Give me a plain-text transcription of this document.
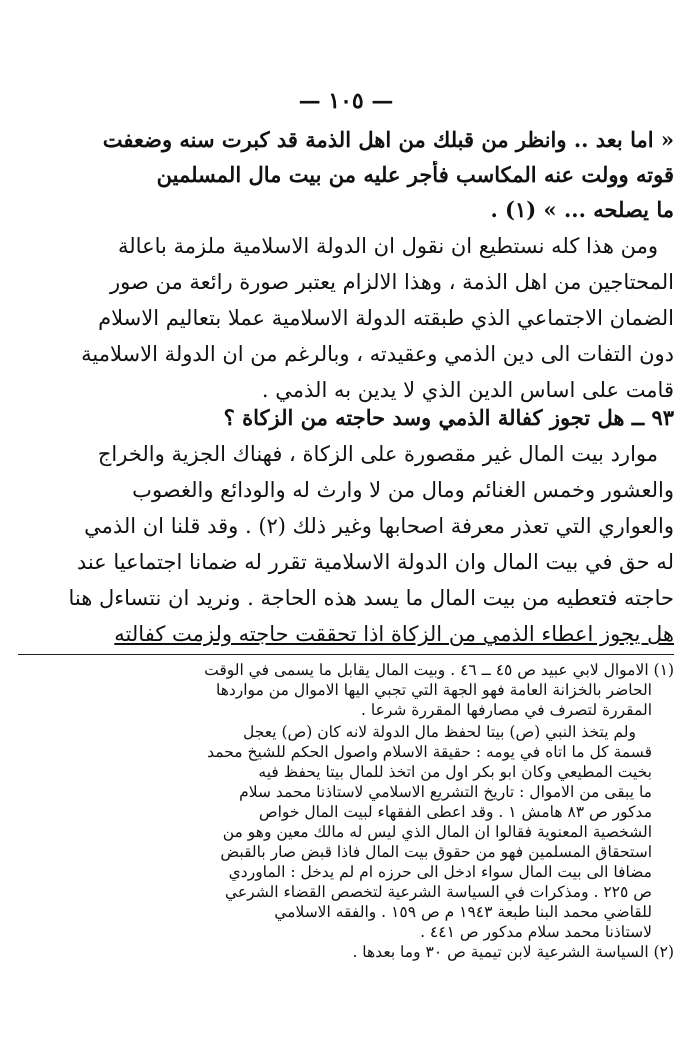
— ١٠٥ —
« اما بعد .. وانظر من قبلك من اهل الذمة قد كبرت سنه وضعفت
قوته وولت عنه المكاسب فأجر عليه من بيت مال المسلمين
ما يصلحه ... » (١) .
ومن هذا كله نستطيع ان نقول ان الدولة الاسلامية ملزمة باعالة
المحتاجين من اهل الذمة ، وهذا الالزام يعتبر صورة رائعة من صور
الضمان الاجتماعي الذي طبقته الدولة الاسلامية عملا بتعاليم الاسلام
دون التفات الى دين الذمي وعقيدته ، وبالرغم من ان الدولة الاسلامية
قامت على اساس الدين الذي لا يدين به الذمي .
٩٣ ــ هل تجوز كفالة الذمي وسد حاجته من الزكاة ؟
موارد بيت المال غير مقصورة على الزكاة ، فهناك الجزية والخراج
والعشور وخمس الغنائم ومال من لا وارث له والودائع والغصوب
والعواري التي تعذر معرفة اصحابها وغير ذلك (٢) . وقد قلنا ان الذمي
له حق في بيت المال وان الدولة الاسلامية تقرر له ضمانا اجتماعيا عند
حاجته فتعطيه من بيت المال ما يسد هذه الحاجة . ونريد ان نتساءل هنا
هل يجوز اعطاء الذمي من الزكاة اذا تحققت حاجته ولزمت كفالته
(١) الاموال لابي عبيد ص ٤٥ ــ ٤٦ . وبيت المال يقابل ما يسمى في الوقت
الحاضر بالخزانة العامة فهو الجهة التي تجبي اليها الاموال من مواردها
المقررة لتصرف في مصارفها المقررة شرعا .
ولم يتخذ النبي (ص) بيتا لحفظ مال الدولة لانه كان (ص) يعجل
قسمة كل ما اتاه في يومه : حقيقة الاسلام واصول الحكم للشيخ محمد
بخيت المطيعي وكان ابو بكر اول من اتخذ للمال بيتا يحفظ فيه
ما يبقى من الاموال : تاريخ التشريع الاسلامي لاستاذنا محمد سلام
مدكور ص ٨٣ هامش ١ . وقد اعطى الفقهاء لبيت المال خواص
الشخصية المعنوية فقالوا ان المال الذي ليس له مالك معين وهو من
استحقاق المسلمين فهو من حقوق بيت المال فاذا قبض صار بالقبض
مضافا الى بيت المال سواء ادخل الى حرزه ام لم يدخل : الماوردي
ص ٢٢٥ . ومذكرات في السياسة الشرعية لتخصص القضاء الشرعي
للقاضي محمد البنا طبعة ١٩٤٣ م ص ١٥٩ . والفقه الاسلامي
لاستاذنا محمد سلام مدكور ص ٤٤١ .
(٢) السياسة الشرعية لابن تيمية ص ٣٠ وما بعدها .
